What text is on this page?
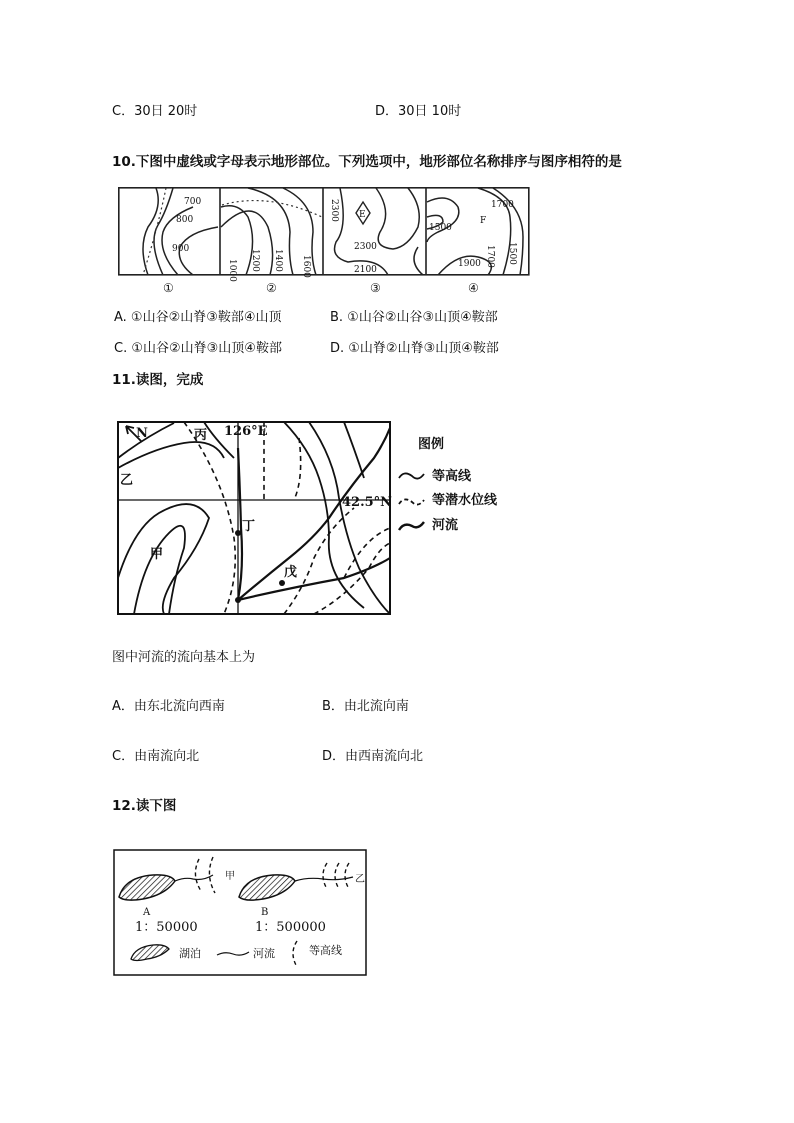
C．30日 20时	D．30日 10时
10.下图中虚线或字母表示地形部位。下列选项中，地形部位名称排序与图序相符的是
700
800
900
1000 1200 1400 1600
E
2300
2300
2100
F
1700
1500
1700 1500
1900
①	②	③	④
A. ①山谷②山脊③鞍部④山顶	B. ①山谷②山谷③山顶④鞍部
C. ①山谷②山脊③山顶④鞍部	D. ①山脊②山脊③山顶④鞍部
11.读图，完成
N	丙 126°E
乙
42.5°N
甲
丁
戊
图例
等高线
等潜水位线
河流
图中河流的流向基本上为
A．由东北流向西南	B．由北流向南
C．由南流向北	D．由西南流向北
12.读下图
甲
A
1：50000
乙
B
1：500000
湖泊	河流	等高线
